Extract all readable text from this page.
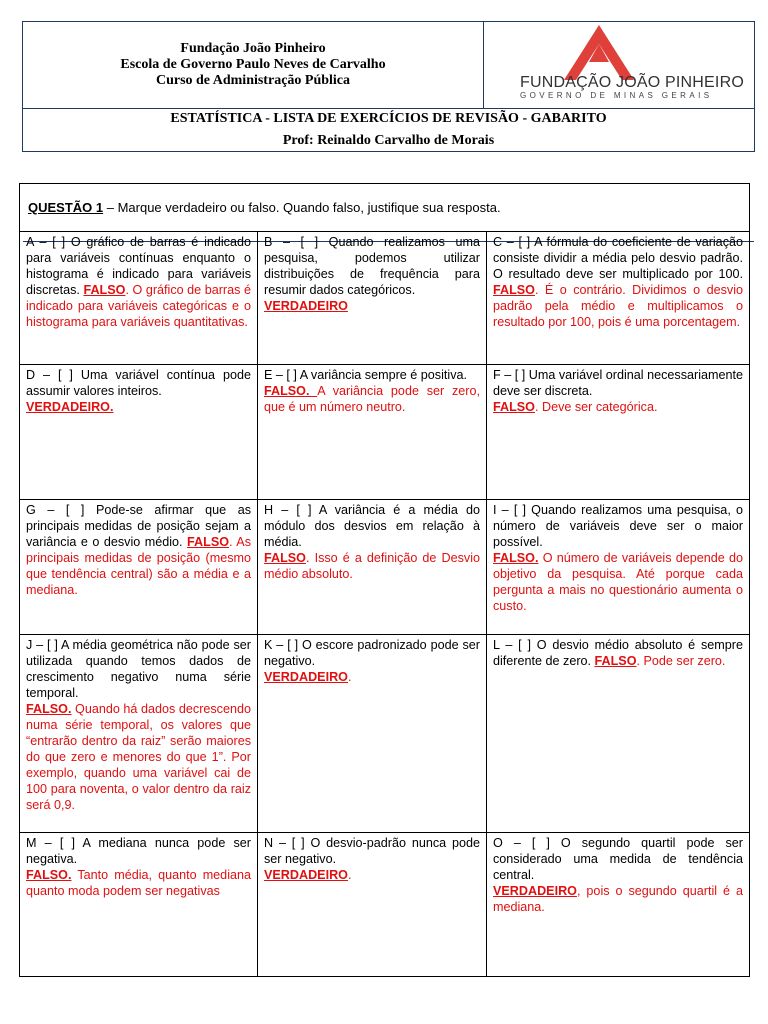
Fundação João Pinheiro
Escola de Governo Paulo Neves de Carvalho
Curso de Administração Pública	FUNDAÇÃO JOÃO PINHEIRO
GOVERNO DE MINAS GERAIS
ESTATÍSTICA - LISTA DE EXERCÍCIOS DE REVISÃO - GABARITO
Prof: Reinaldo Carvalho de Morais
QUESTÃO 1 – Marque verdadeiro ou falso. Quando falso, justifique sua resposta.
A – [ ] O gráfico de barras é indicado para variáveis contínuas enquanto o histograma é indicado para variáveis discretas. FALSO. O gráfico de barras é indicado para variáveis categóricas e o histograma para variáveis quantitativas.
B – [ ] Quando realizamos uma pesquisa, podemos utilizar distribuições de frequência para resumir dados categóricos.
VERDADEIRO
C – [ ] A fórmula do coeficiente de variação consiste dividir a média pelo desvio padrão. O resultado deve ser multiplicado por 100. FALSO. É o contrário. Dividimos o desvio padrão pela médio e multiplicamos o resultado por 100, pois é uma porcentagem.
D – [ ] Uma variável contínua pode assumir valores inteiros.
VERDADEIRO.
E – [ ] A variância sempre é positiva.
FALSO. A variância pode ser zero, que é um número neutro.
F – [ ] Uma variável ordinal necessariamente deve ser discreta.
FALSO. Deve ser categórica.
G – [ ] Pode-se afirmar que as principais medidas de posição sejam a variância e o desvio médio. FALSO. As principais medidas de posição (mesmo que tendência central) são a média e a mediana.
H – [ ] A variância é a média do módulo dos desvios em relação à média.
FALSO. Isso é a definição de Desvio médio absoluto.
I – [ ] Quando realizamos uma pesquisa, o número de variáveis deve ser o maior possível.
FALSO. O número de variáveis depende do objetivo da pesquisa. Até porque cada pergunta a mais no questionário aumenta o custo.
J – [ ] A média geométrica não pode ser utilizada quando temos dados de crescimento negativo numa série temporal.
FALSO. Quando há dados decrescendo numa série temporal, os valores que “entrarão dentro da raiz” serão maiores do que zero e menores do que 1”. Por exemplo, quando uma variável cai de 100 para noventa, o valor dentro da raiz será 0,9.
K – [ ] O escore padronizado pode ser negativo.
VERDADEIRO.
L – [ ] O desvio médio absoluto é sempre diferente de zero. FALSO. Pode ser zero.
M – [ ] A mediana nunca pode ser negativa.
FALSO. Tanto média, quanto mediana quanto moda podem ser negativas
N – [ ] O desvio-padrão nunca pode ser negativo.
VERDADEIRO.
O – [ ] O segundo quartil pode ser considerado uma medida de tendência central.
VERDADEIRO, pois o segundo quartil é a mediana.
